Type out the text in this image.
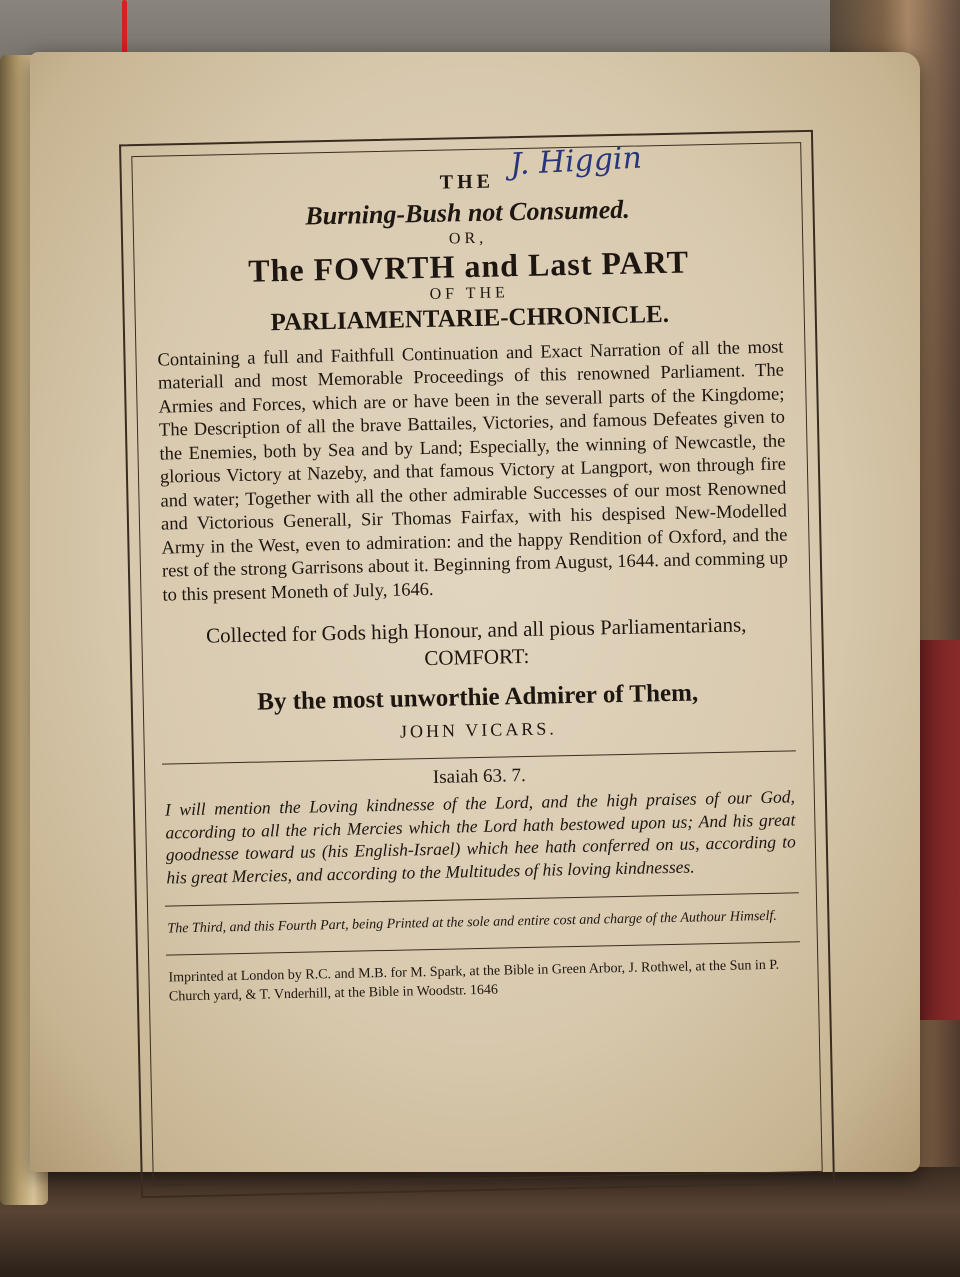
THE
Burning-Bush not Consumed.
OR,
The FOVRTH and Last PART
OF THE
PARLIAMENTARIE-CHRONICLE.
Containing a full and Faithfull Continuation and Exact Narration of all the most materiall and most Memorable Proceedings of this renowned Parliament. The Armies and Forces, which are or have been in the severall parts of the Kingdome; The Description of all the brave Battailes, Victories, and famous Defeates given to the Enemies, both by Sea and by Land; Especially, the winning of Newcastle, the glorious Victory at Nazeby, and that famous Victory at Langport, won through fire and water; Together with all the other admirable Successes of our most Renowned and Victorious Generall, Sir Thomas Fairfax, with his despised New-Modelled Army in the West, even to admiration: and the happy Rendition of Oxford, and the rest of the strong Garrisons about it. Beginning from August, 1644. and comming up to this present Moneth of July, 1646.
Collected for Gods high Honour, and all pious Parliamentarians, COMFORT:
By the most unworthie Admirer of Them,
JOHN VICARS.
Isaiah 63. 7.
I will mention the Loving kindnesse of the Lord, and the high praises of our God, according to all the rich Mercies which the Lord hath bestowed upon us; And his great goodnesse toward us (his English-Israel) which hee hath conferred on us, according to his great Mercies, and according to the Multitudes of his loving kindnesses.
The Third, and this Fourth Part, being Printed at the sole and entire cost and charge of the Authour Himself.
Imprinted at London by R.C. and M.B. for M. Spark, at the Bible in Green Arbor, J. Rothwel, at the Sun in P. Church yard, & T. Vnderhill, at the Bible in Woodstr. 1646
J. Higgin
